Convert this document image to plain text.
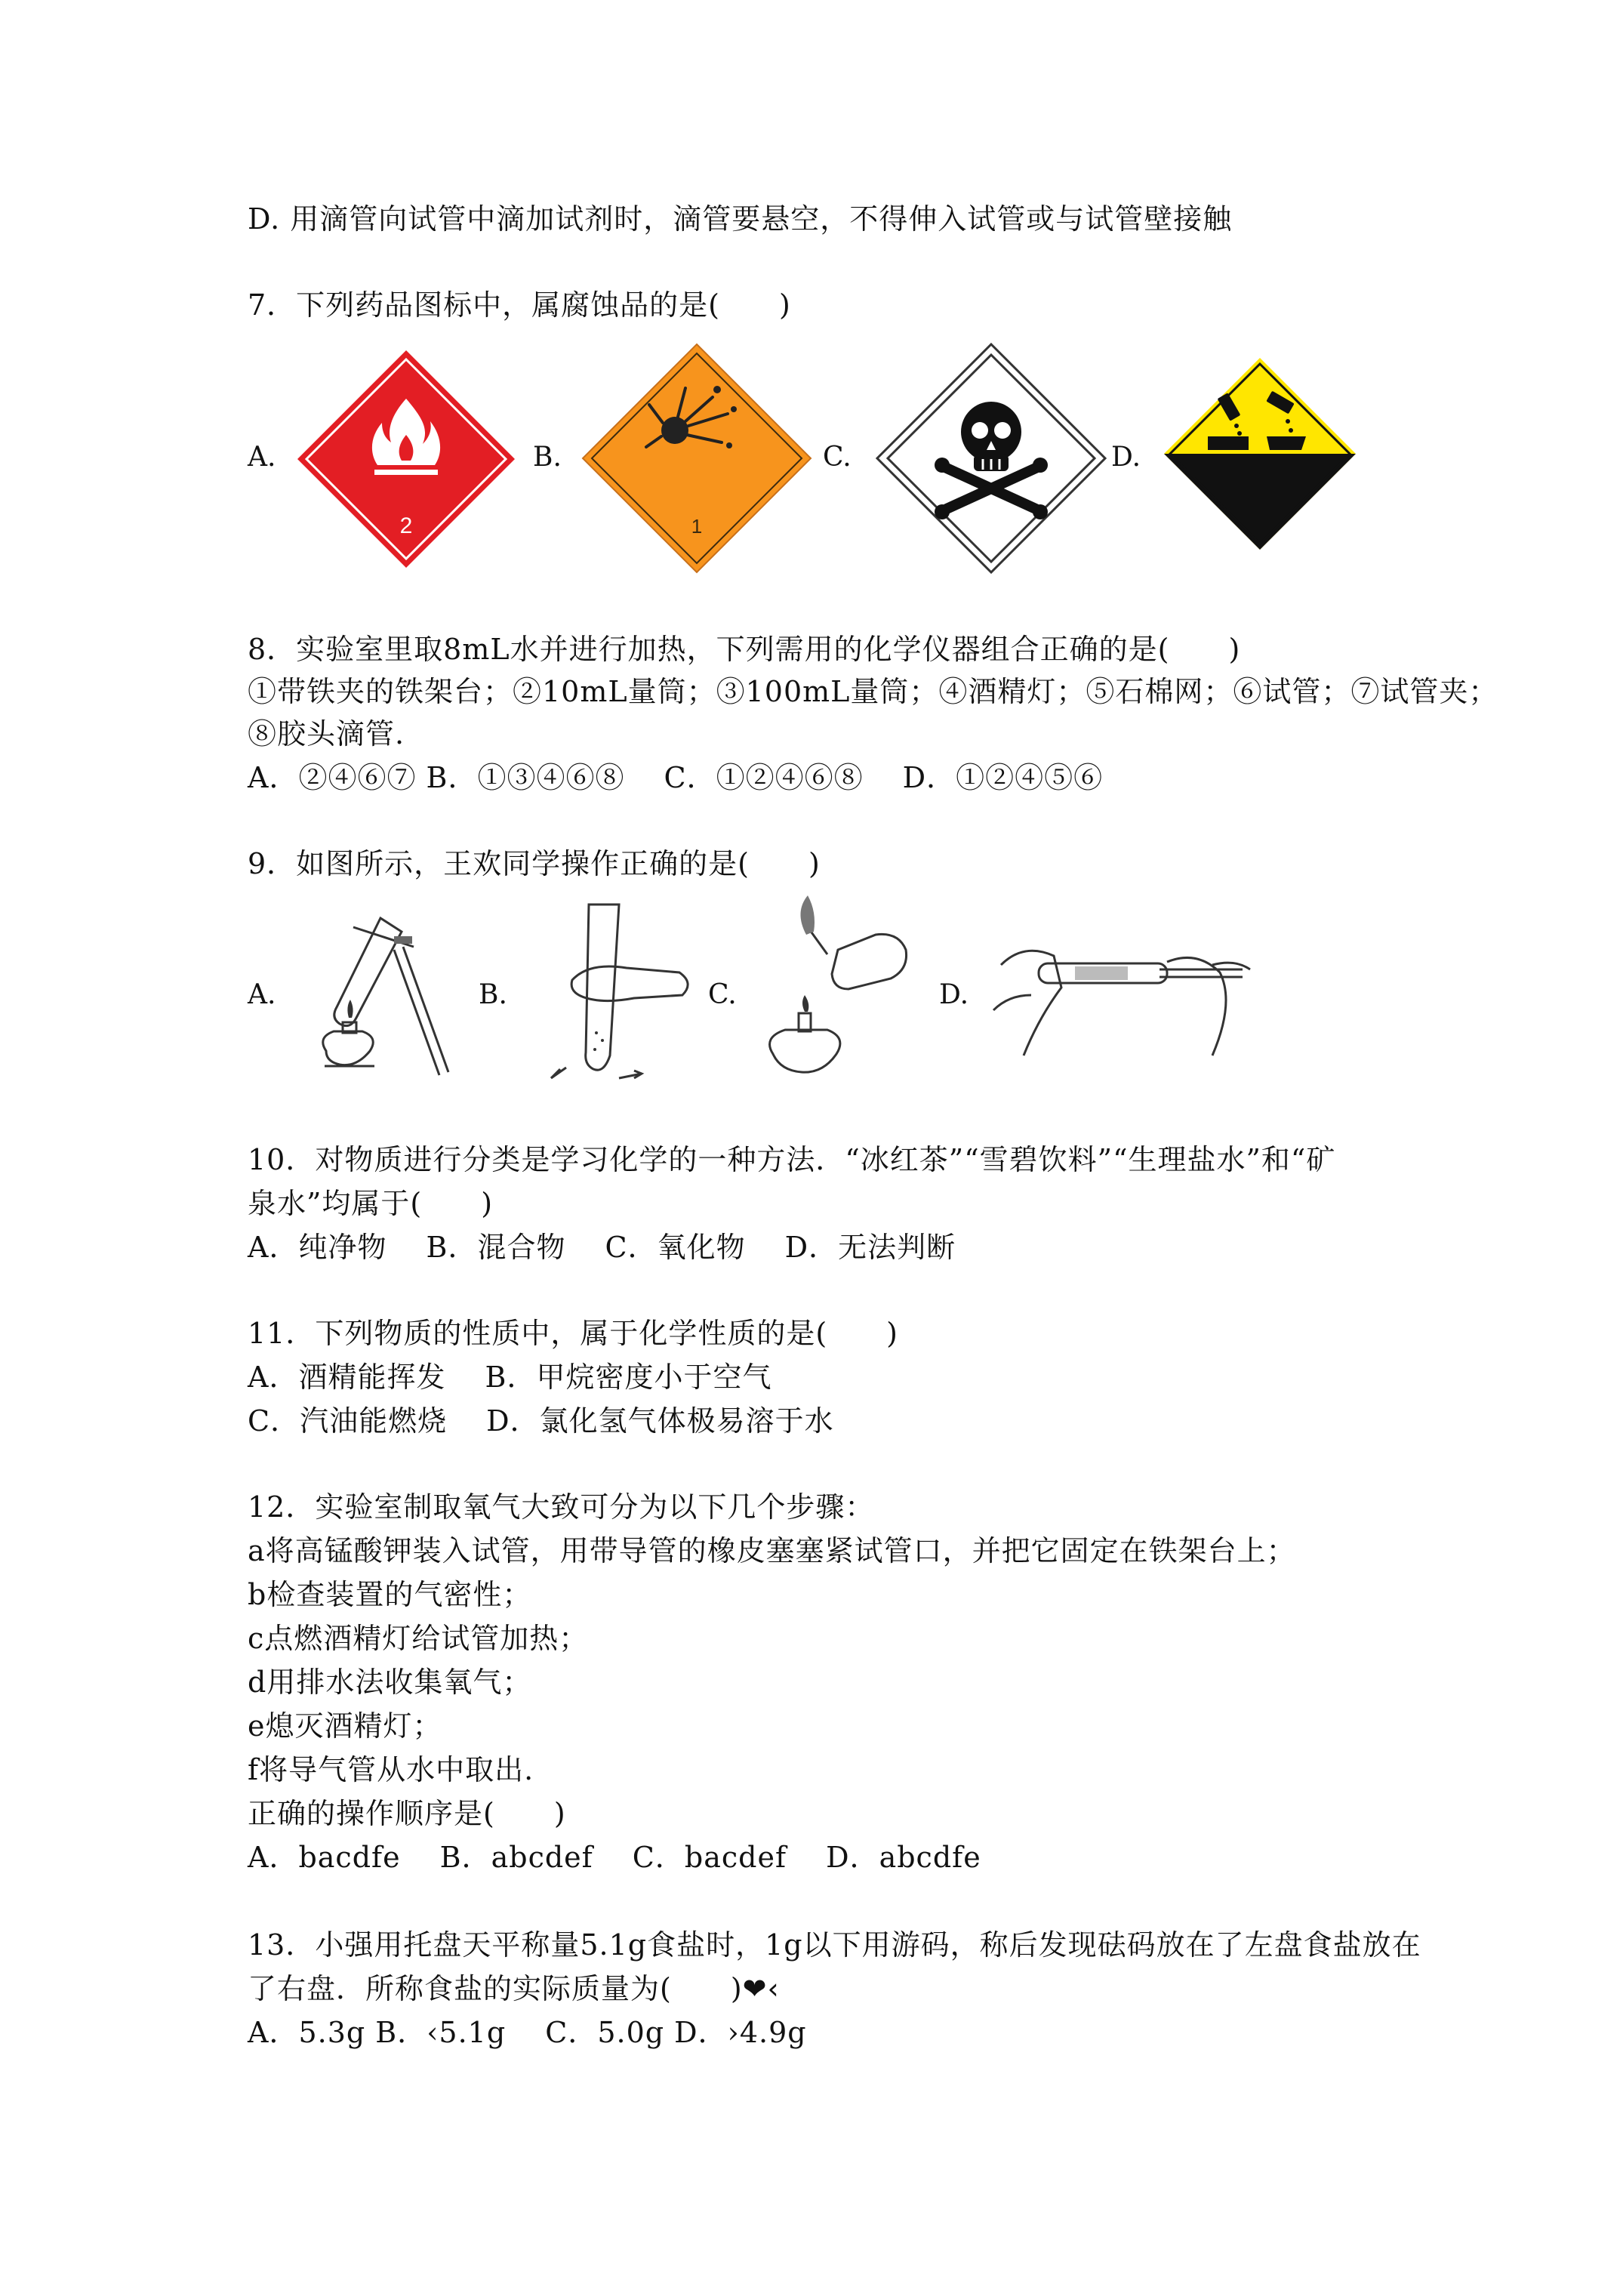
D. 用滴管向试管中滴加试剂时，滴管要悬空，不得伸入试管或与试管壁接触
7．下列药品图标中，属腐蚀品的是(　　)
A.	B.	C.	D.
2	1
8．实验室里取8mL水并进行加热，下列需用的化学仪器组合正确的是(　　)
①带铁夹的铁架台；②10mL量筒；③100mL量筒；④酒精灯；⑤石棉网；⑥试管；⑦试管夹；
⑧胶头滴管.
A．②④⑥⑦ B．①③④⑥⑧　 C．①②④⑥⑧　 D．①②④⑤⑥
9．如图所示，王欢同学操作正确的是(　　)
A.	B.	C.	D.
10．对物质进行分类是学习化学的一种方法．“冰红茶”“雪碧饮料”“生理盐水”和“矿
泉水”均属于(　　)
A．纯净物　 B．混合物　 C．氧化物　 D．无法判断
11．下列物质的性质中，属于化学性质的是(　　)
A．酒精能挥发　 B．甲烷密度小于空气
C．汽油能燃烧　 D．氯化氢气体极易溶于水
12．实验室制取氧气大致可分为以下几个步骤：
a将高锰酸钾装入试管，用带导管的橡皮塞塞紧试管口，并把它固定在铁架台上；
b检查装置的气密性；
c点燃酒精灯给试管加热；
d用排水法收集氧气；
e熄灭酒精灯；
f将导气管从水中取出.
正确的操作顺序是(　　)
A．bacdfe　 B．abcdef　 C．bacdef　 D．abcdfe
13．小强用托盘天平称量5.1g食盐时，1g以下用游码，称后发现砝码放在了左盘食盐放在
了右盘．所称食盐的实际质量为(　　)❤‹
A．5.3g B．‹5.1g　 C．5.0g D．›4.9g
